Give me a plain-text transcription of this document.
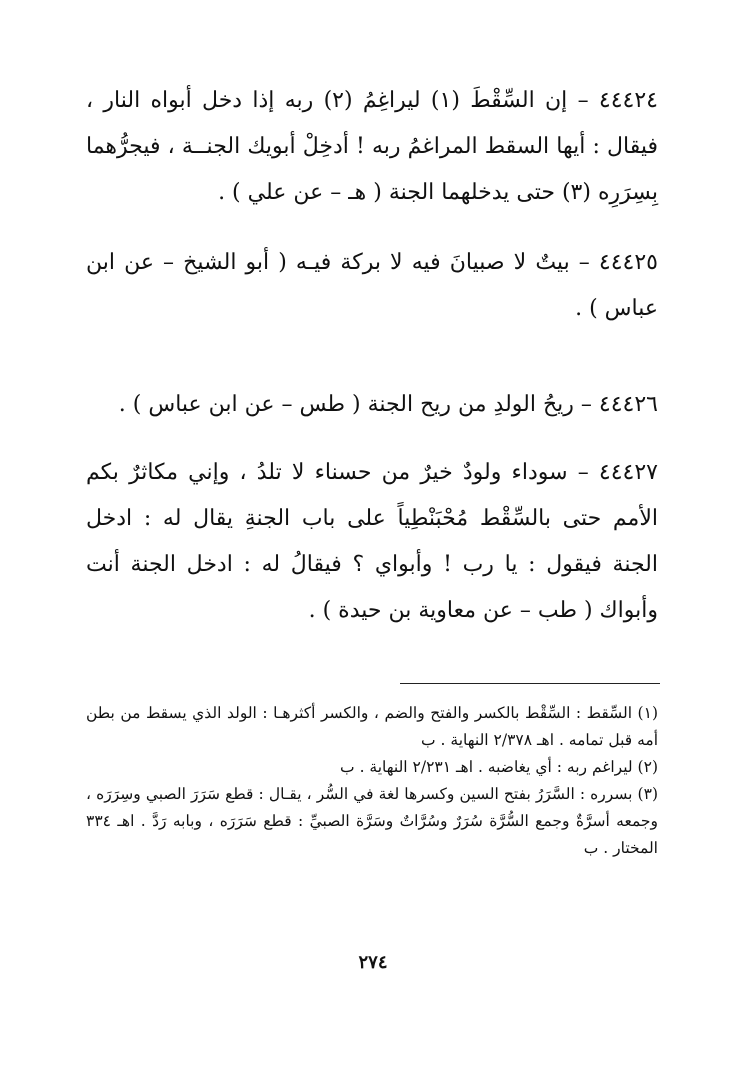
٤٤٤٢٤ – إن السِّقْطَ (١) ليراغِمُ (٢) ربه إذا دخل أبواه النار ، فيقال : أيها السقط المراغمُ ربه ! أدخِلْ أبويك الجنــة ، فيجرُّهما بِسِرَرِه (٣) حتى يدخلهما الجنة ( هـ – عن علي ) .

٤٤٤٢٥ – بيتٌ لا صبيانَ فيه لا بركة فيـه ( أبو الشيخ – عن ابن عباس ) .

٤٤٤٢٦ – ريحُ الولدِ من ريح الجنة ( طس – عن ابن عباس ) .

٤٤٤٢٧ – سوداء ولودٌ خيرٌ من حسناء لا تلدُ ، وإني مكاثرٌ بكم الأمم حتى بالسِّقْط مُحْبَنْطِياً على باب الجنةِ يقال له : ادخل الجنة فيقول : يا رب ! وأبواي ؟ فيقالُ له : ادخل الجنة أنت وأبواك ( طب – عن معاوية بن حيدة ) .

(١) السِّقط : السِّقْط بالكسر والفتح والضم ، والكسر أكثرهـا : الولد الذي يسقط من بطن أمه قبل تمامه . اهـ ٢/٣٧٨ النهاية . ب
(٢) ليراغم ربه : أي يغاضبه . اهـ ٢/٢٣١ النهاية . ب
(٣) بسرره : السَّرَرُ بفتح السين وكسرها لغة في السُّر ، يقـال : قطع سَرَرَ الصبي وسِرَرَه ، وجمعه أسرَّةٌ وجمع السُّرَّة سُرَرٌ وسُرَّاتٌ وسَرَّة الصبيِّ : قطع سَرَرَه ، وبابه رَدَّ . اهـ ٣٣٤ المختار . ب
٢٧٤
